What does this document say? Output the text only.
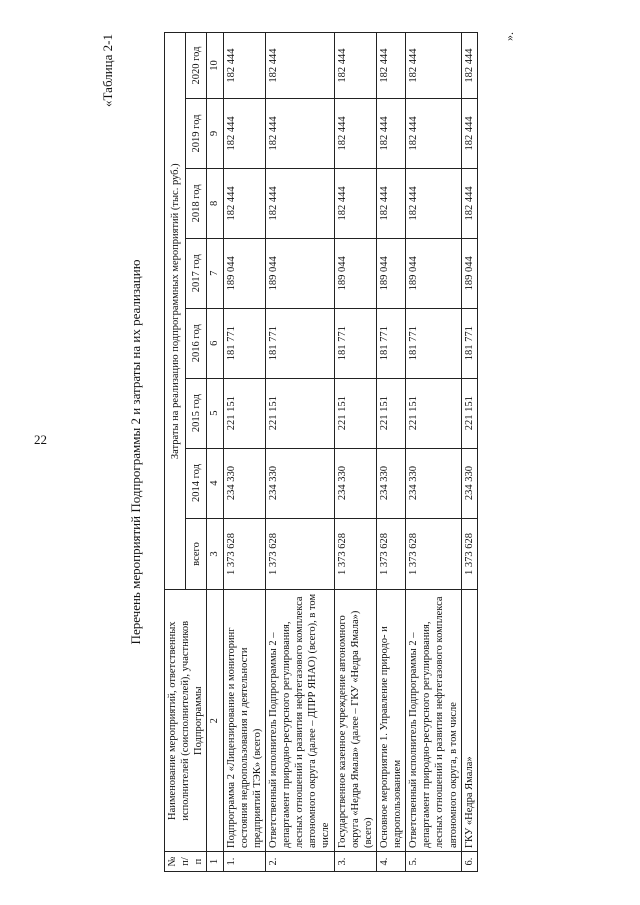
22
«Таблица 2-1
Перечень мероприятий Подпрограммы 2 и затраты на их реализацию
№ п/п	Наименование мероприятий, ответственных исполнителей (соисполнителей), участников Подпрограммы	Затраты на реализацию подпрограммных мероприятий (тыс. руб.)							
		всего	2014 год	2015 год	2016 год	2017 год	2018 год	2019 год	2020 год
1	2	3	4	5	6	7	8	9	10
1.	Подпрограмма 2 «Лицензирование и мониторинг состояния недропользования и деятельности предприятий ТЭК» (всего)	1 373 628	234 330	221 151	181 771	189 044	182 444	182 444	182 444
2.	Ответственный исполнитель Подпрограммы 2 – департамент природно-ресурсного регулирования, лесных отношений и развития нефтегазового комплекса автономного округа (далее – ДПРР ЯНАО) (всего), в том числе	1 373 628	234 330	221 151	181 771	189 044	182 444	182 444	182 444
3.	Государственное казенное учреждение автономного округа «Недра Ямала» (далее – ГКУ «Недра Ямала») (всего)	1 373 628	234 330	221 151	181 771	189 044	182 444	182 444	182 444
4.	Основное мероприятие 1. Управление природо- и недропользованием	1 373 628	234 330	221 151	181 771	189 044	182 444	182 444	182 444
5.	Ответственный исполнитель Подпрограммы 2 – департамент природно-ресурсного регулирования, лесных отношений и развития нефтегазового комплекса автономного округа, в том числе	1 373 628	234 330	221 151	181 771	189 044	182 444	182 444	182 444
6.	ГКУ «Недра Ямала»	1 373 628	234 330	221 151	181 771	189 044	182 444	182 444	182 444
».
